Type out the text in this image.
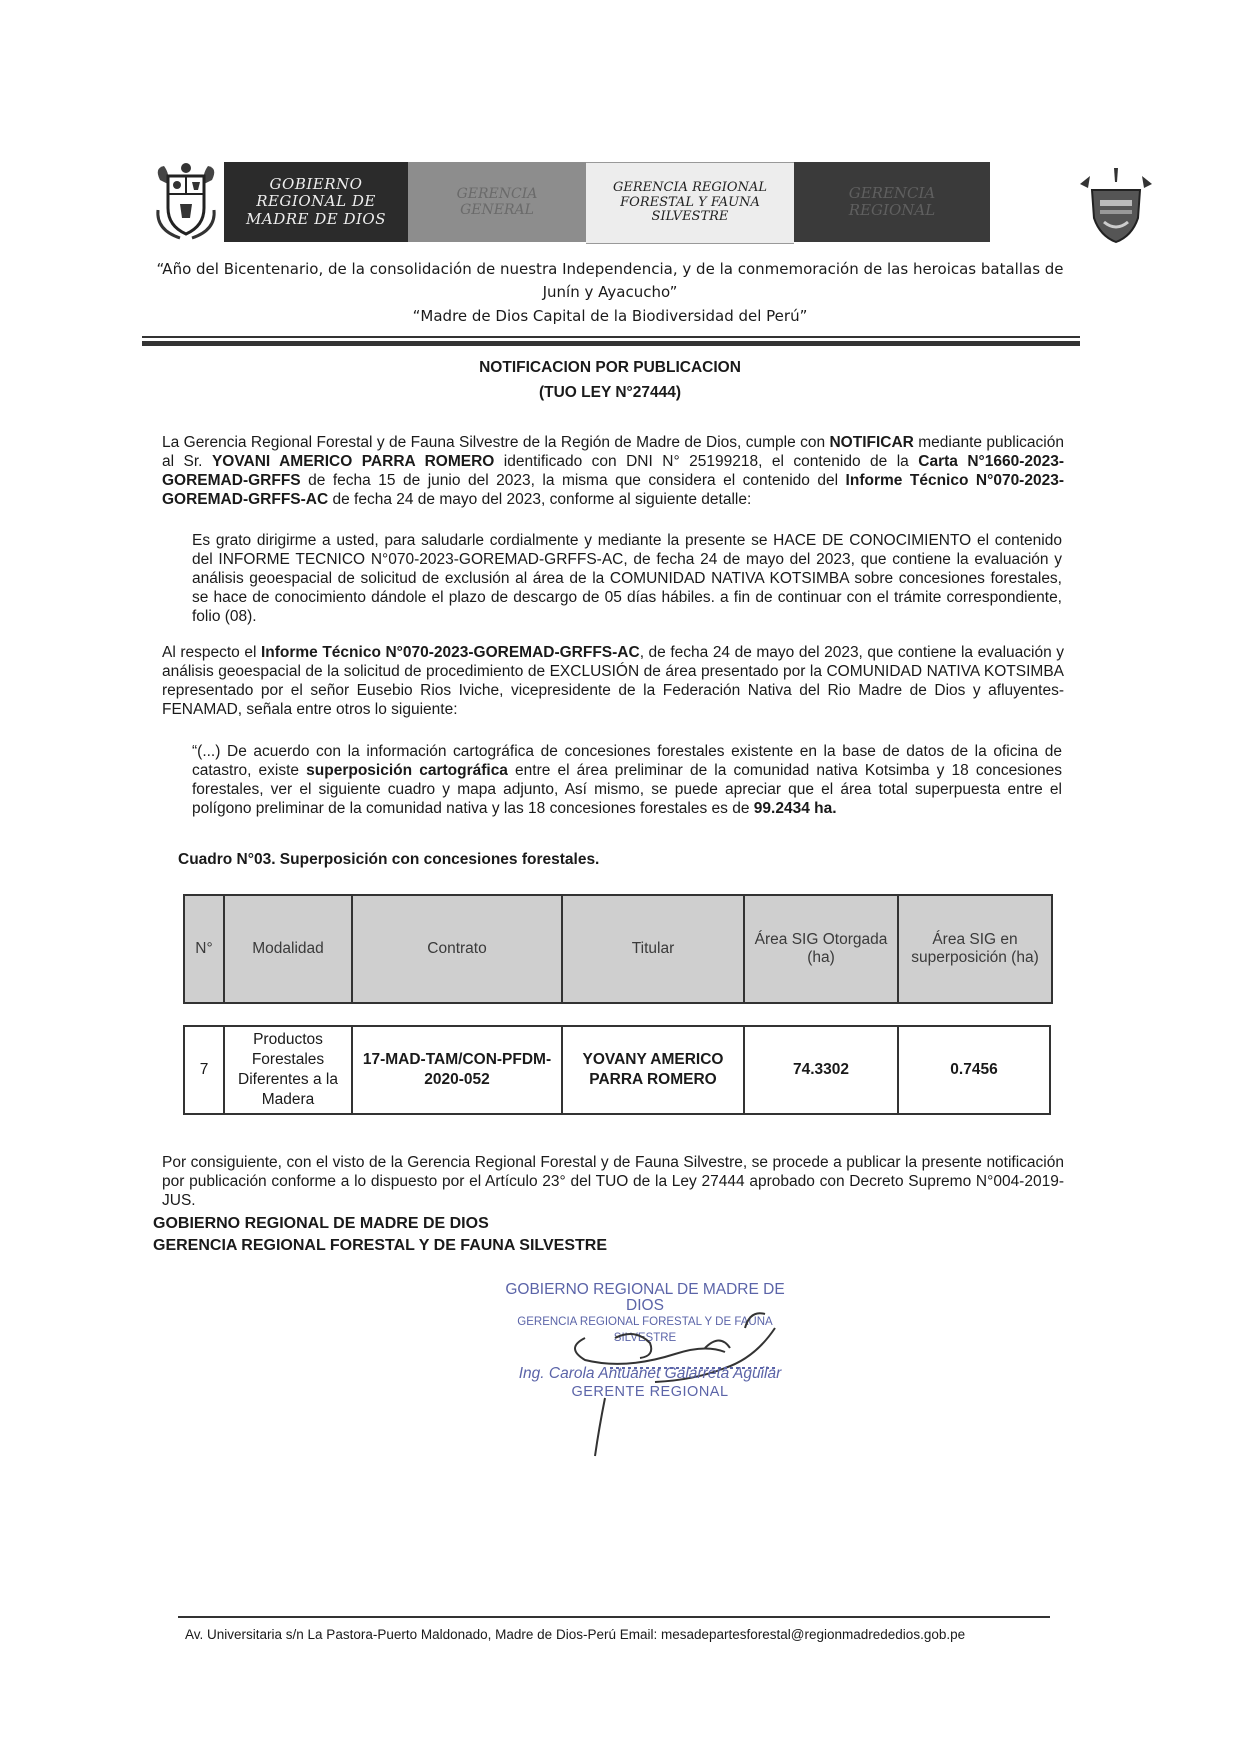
GOBIERNO
REGIONAL DE
MADRE DE DIOS
GERENCIA
GENERAL
GERENCIA REGIONAL
FORESTAL Y FAUNA
SILVESTRE
GERENCIA
REGIONAL
“Año del Bicentenario, de la consolidación de nuestra Independencia, y de la conmemoración de las heroicas batallas de
Junín y Ayacucho”
“Madre de Dios Capital de la Biodiversidad del Perú”
NOTIFICACION POR PUBLICACION
(TUO LEY N°27444)
La Gerencia Regional Forestal y de Fauna Silvestre de la Región de Madre de Dios, cumple con NOTIFICAR mediante publicación al Sr. YOVANI AMERICO PARRA ROMERO identificado con DNI N° 25199218, el contenido de la Carta N°1660-2023-GOREMAD-GRFFS de fecha 15 de junio del 2023, la misma que considera el contenido del Informe Técnico N°070-2023-GOREMAD-GRFFS-AC de fecha 24 de mayo del 2023, conforme al siguiente detalle:
Es grato dirigirme a usted, para saludarle cordialmente y mediante la presente se HACE DE CONOCIMIENTO el contenido del INFORME TECNICO N°070-2023-GOREMAD-GRFFS-AC, de fecha 24 de mayo del 2023, que contiene la evaluación y análisis geoespacial de solicitud de exclusión al área de la COMUNIDAD NATIVA KOTSIMBA sobre concesiones forestales, se hace de conocimiento dándole el plazo de descargo de 05 días hábiles. a fin de continuar con el trámite correspondiente, folio (08).
Al respecto el Informe Técnico N°070-2023-GOREMAD-GRFFS-AC, de fecha 24 de mayo del 2023, que contiene la evaluación y análisis geoespacial de la solicitud de procedimiento de EXCLUSIÓN de área presentado por la COMUNIDAD NATIVA KOTSIMBA representado por el señor Eusebio Rios Iviche, vicepresidente de la Federación Nativa del Rio Madre de Dios y afluyentes-FENAMAD, señala entre otros lo siguiente:
“(...) De acuerdo con la información cartográfica de concesiones forestales existente en la base de datos de la oficina de catastro, existe superposición cartográfica entre el área preliminar de la comunidad nativa Kotsimba y 18 concesiones forestales, ver el siguiente cuadro y mapa adjunto, Así mismo, se puede apreciar que el área total superpuesta entre el polígono preliminar de la comunidad nativa y las 18 concesiones forestales es de 99.2434 ha.
Cuadro N°03. Superposición con concesiones forestales.
N°	Modalidad	Contrato	Titular	Área SIG Otorgada (ha)	Área SIG en superposición (ha)
7	Productos Forestales Diferentes a la Madera	17-MAD-TAM/CON-PFDM-2020-052	YOVANY AMERICO PARRA ROMERO	74.3302	0.7456
Por consiguiente, con el visto de la Gerencia Regional Forestal y de Fauna Silvestre, se procede a publicar la presente notificación por publicación conforme a lo dispuesto por el Artículo 23° del TUO de la Ley 27444 aprobado con Decreto Supremo N°004-2019-JUS.
GOBIERNO REGIONAL DE MADRE DE DIOS
GERENCIA REGIONAL FORESTAL Y DE FAUNA SILVESTRE
GOBIERNO REGIONAL DE MADRE DE DIOS
GERENCIA REGIONAL FORESTAL Y DE FAUNA SILVESTRE
Ing. Carola Antuanet Galarreta Aguilar
GERENTE REGIONAL
Av. Universitaria s/n La Pastora-Puerto Maldonado, Madre de Dios-Perú Email: mesadepartesforestal@regionmadrededios.gob.pe
